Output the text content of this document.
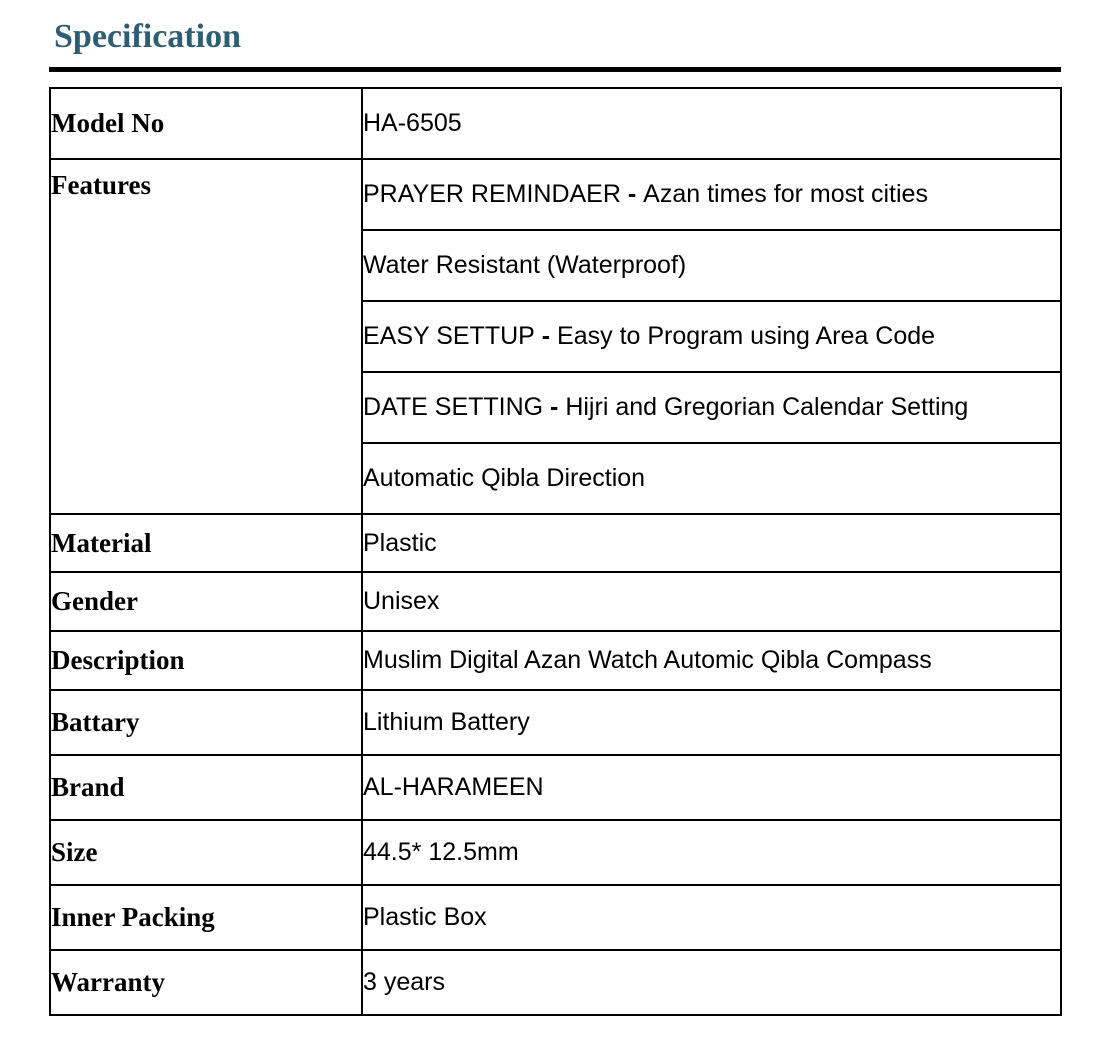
Specification
Model No	HA-6505
Features	PRAYER REMINDAER - Azan times for most cities
	Water Resistant (Waterproof)
	EASY SETTUP - Easy to Program using Area Code
	DATE SETTING - Hijri and Gregorian Calendar Setting
	Automatic Qibla Direction
Material	Plastic
Gender	Unisex
Description	Muslim Digital Azan Watch Automic Qibla Compass
Battary	Lithium Battery
Brand	AL-HARAMEEN
Size	44.5* 12.5mm
Inner Packing	Plastic Box
Warranty	3 years
